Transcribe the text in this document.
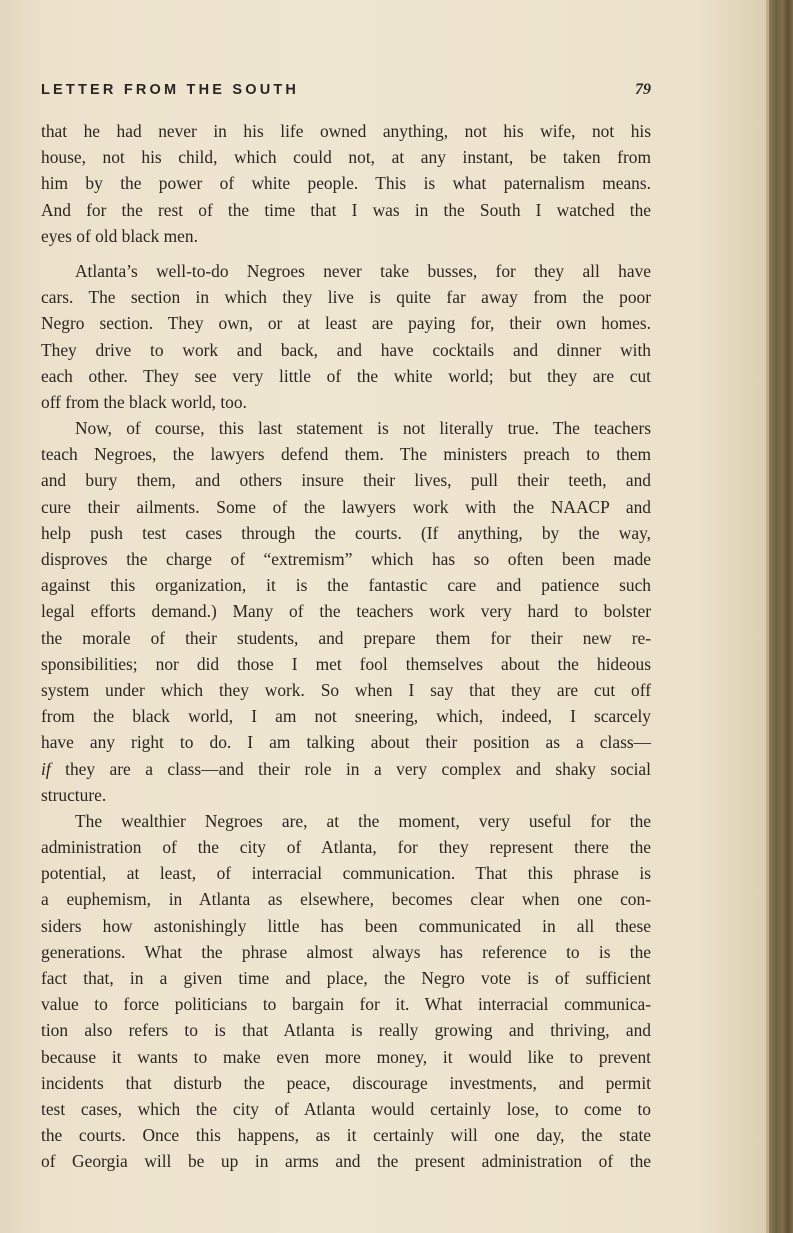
LETTER FROM THE SOUTH	79
that he had never in his life owned anything, not his wife, not his
house, not his child, which could not, at any instant, be taken from
him by the power of white people. This is what paternalism means.
And for the rest of the time that I was in the South I watched the
eyes of old black men.
Atlanta’s well-to-do Negroes never take busses, for they all have
cars. The section in which they live is quite far away from the poor
Negro section. They own, or at least are paying for, their own homes.
They drive to work and back, and have cocktails and dinner with
each other. They see very little of the white world; but they are cut
off from the black world, too.
Now, of course, this last statement is not literally true. The teachers
teach Negroes, the lawyers defend them. The ministers preach to them
and bury them, and others insure their lives, pull their teeth, and
cure their ailments. Some of the lawyers work with the NAACP and
help push test cases through the courts. (If anything, by the way,
disproves the charge of “extremism” which has so often been made
against this organization, it is the fantastic care and patience such
legal efforts demand.) Many of the teachers work very hard to bolster
the morale of their students, and prepare them for their new re-
sponsibilities; nor did those I met fool themselves about the hideous
system under which they work. So when I say that they are cut off
from the black world, I am not sneering, which, indeed, I scarcely
have any right to do. I am talking about their position as a class—
if they are a class—and their role in a very complex and shaky social
structure.
The wealthier Negroes are, at the moment, very useful for the
administration of the city of Atlanta, for they represent there the
potential, at least, of interracial communication. That this phrase is
a euphemism, in Atlanta as elsewhere, becomes clear when one con-
siders how astonishingly little has been communicated in all these
generations. What the phrase almost always has reference to is the
fact that, in a given time and place, the Negro vote is of sufficient
value to force politicians to bargain for it. What interracial communica-
tion also refers to is that Atlanta is really growing and thriving, and
because it wants to make even more money, it would like to prevent
incidents that disturb the peace, discourage investments, and permit
test cases, which the city of Atlanta would certainly lose, to come to
the courts. Once this happens, as it certainly will one day, the state
of Georgia will be up in arms and the present administration of the
